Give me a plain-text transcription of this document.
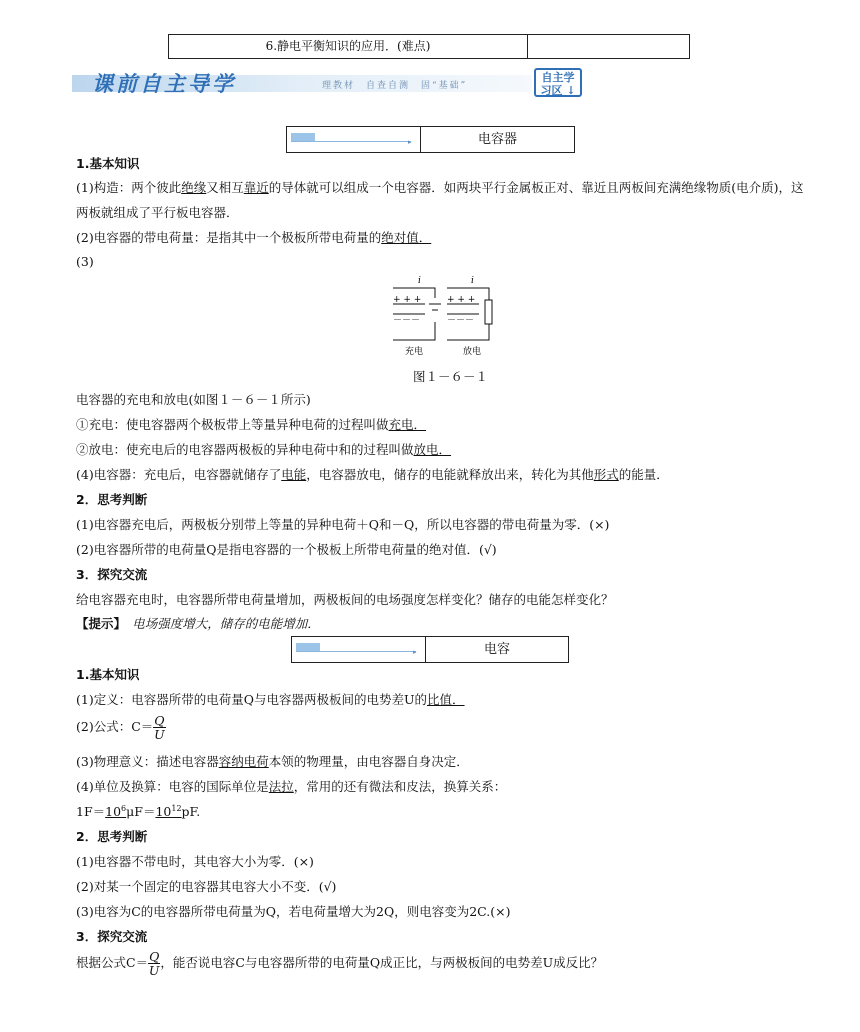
6.静电平衡知识的应用．(难点)
课前自主导学	理教材　自查自测　固“基础”
自主学
习区 ↓
▸	电容器
1.基本知识
(1)构造：两个彼此绝缘又相互靠近的导体就可以组成一个电容器．如两块平行金属板正对、靠近且两板间充满绝缘物质(电介质)，这
两板就组成了平行板电容器．
(2)电容器的带电荷量：是指其中一个极板所带电荷量的绝对值．
(3)
i	i
+ + +
－－－
+ + +
－－－
充电	放电
图１－６－１
电容器的充电和放电(如图１－６－１所示)
①充电：使电容器两个极板带上等量异种电荷的过程叫做充电．
②放电：使充电后的电容器两极板的异种电荷中和的过程叫做放电．
(4)电容器：充电后，电容器就储存了电能，电容器放电，储存的电能就释放出来，转化为其他形式的能量．
2．思考判断
(1)电容器充电后，两极板分别带上等量的异种电荷＋Q和－Q，所以电容器的带电荷量为零．(×)
(2)电容器所带的电荷量Q是指电容器的一个极板上所带电荷量的绝对值．(√)
3．探究交流
给电容器充电时，电容器所带电荷量增加，两极板间的电场强度怎样变化？储存的电能怎样变化？
【提示】　 电场强度增大，储存的电能增加．
▸	电容
1.基本知识
(1)定义：电容器所带的电荷量Q与电容器两极板间的电势差U的比值．
(2)公式：$C= \frac{Q}{U}$
(3)物理意义：描述电容器容纳电荷本领的物理量，由电容器自身决定．
(4)单位及换算：电容的国际单位是法拉，常用的还有微法和皮法，换算关系：
$1F=10^6\mu F=10^{12}pF$.
2．思考判断
(1)电容器不带电时，其电容大小为零．(×)
(2)对某一个固定的电容器其电容大小不变．(√)
(3)电容为C的电容器所带电荷量为Q，若电荷量增大为2Q，则电容变为2C.(×)
3．探究交流
根据公式$C= \frac{Q}{U}$ ，能否说电容C与电容器所带的电荷量Q成正比，与两极板间的电势差U成反比？
